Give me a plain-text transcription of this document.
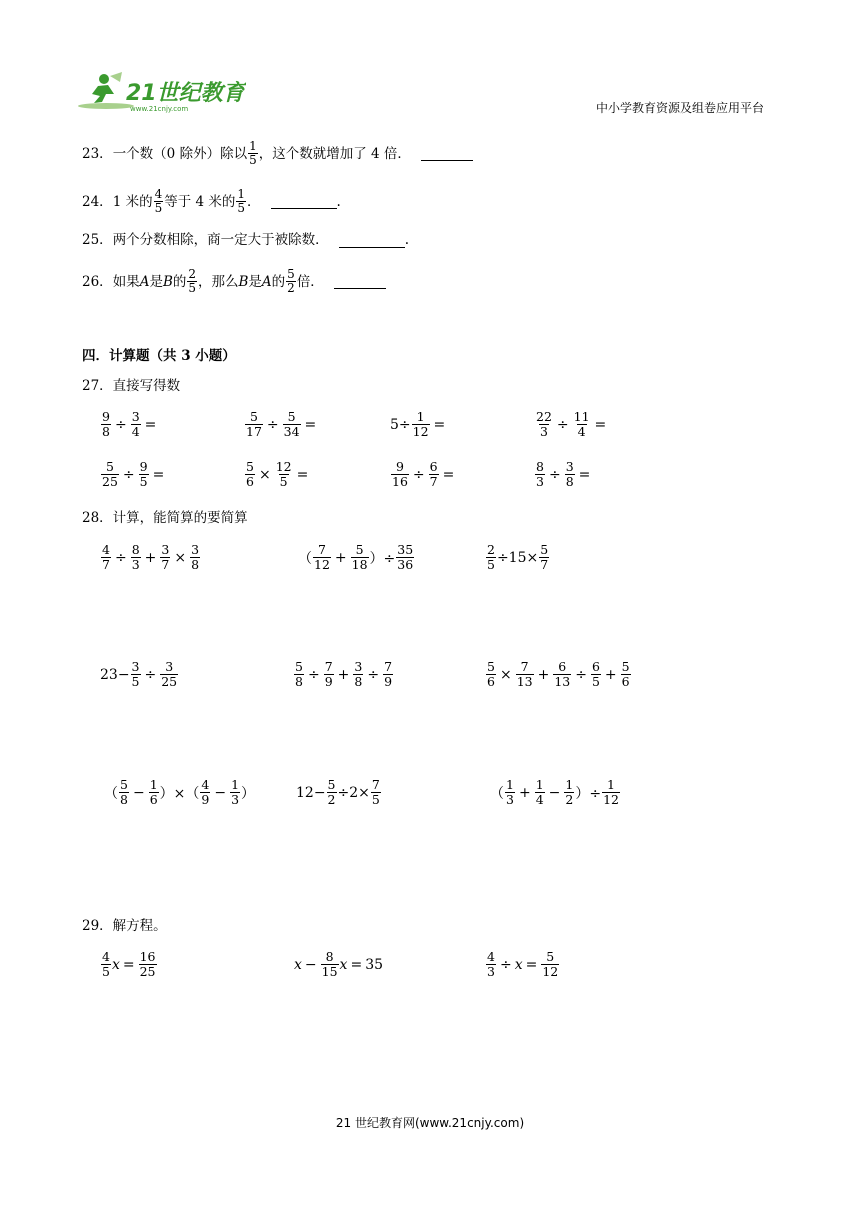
21世纪教育
www.21cnjy.com	中小学教育资源及组卷应用平台
23． 一个数（0 除外）除以 $\frac{1}{5}$ ，这个数就增加了 4 倍．
24． 1 米的 $\frac{4}{5}$ 等于 4 米的 $\frac{1}{5}$ ．	.
25． 两个分数相除，商一定大于被除数．	.
26． 如果 A 是 B 的 $\frac{2}{5}$ ，那么 B 是 A 的 $\frac{5}{2}$ 倍．
四．计算题（共 3 小题）
27．直接写得数
$\frac{9}{8} \div \frac{3}{4}$ =	$\frac{5}{17} \div \frac{5}{34}$ =	$5\div \frac{1}{12}$ =	$\frac{22}{3} \div \frac{11}{4}$ =
$\frac{5}{25} \div \frac{9}{5}$ =	$\frac{5}{6} \times \frac{12}{5}$ =	$\frac{9}{16} \div \frac{6}{7}$ =	$\frac{8}{3} \div \frac{3}{8}$ =
28．计算，能简算的要简算
$\frac{4}{7} \div \frac{8}{3} + \frac{3}{7} \times \frac{3}{8}$	（ $\frac{7}{12} + \frac{5}{18}$ ）÷ $\frac{35}{36}$	$\frac{2}{5} \div 15\times \frac{5}{7}$
$23- \frac{3}{5} \div \frac{3}{25}$	$\frac{5}{8} \div \frac{7}{9} + \frac{3}{8} \div \frac{7}{9}$	$\frac{5}{6} \times \frac{7}{13} + \frac{6}{13} \div \frac{6}{5} + \frac{5}{6}$
（ $\frac{5}{8} - \frac{1}{6}$ ）×（ $\frac{4}{9} - \frac{1}{3}$ ）	$12- \frac{5}{2} \div 2\times \frac{7}{5}$	（ $\frac{1}{3} + \frac{1}{4} - \frac{1}{2}$ ）÷ $\frac{1}{12}$
29．解方程。
$\frac{4}{5}$ $x = \frac{16}{25}$	$x - \frac{8}{15}$ x = 35	$\frac{4}{3} \div x = \frac{5}{12}$
21 世纪教育网(www.21cnjy.com)
